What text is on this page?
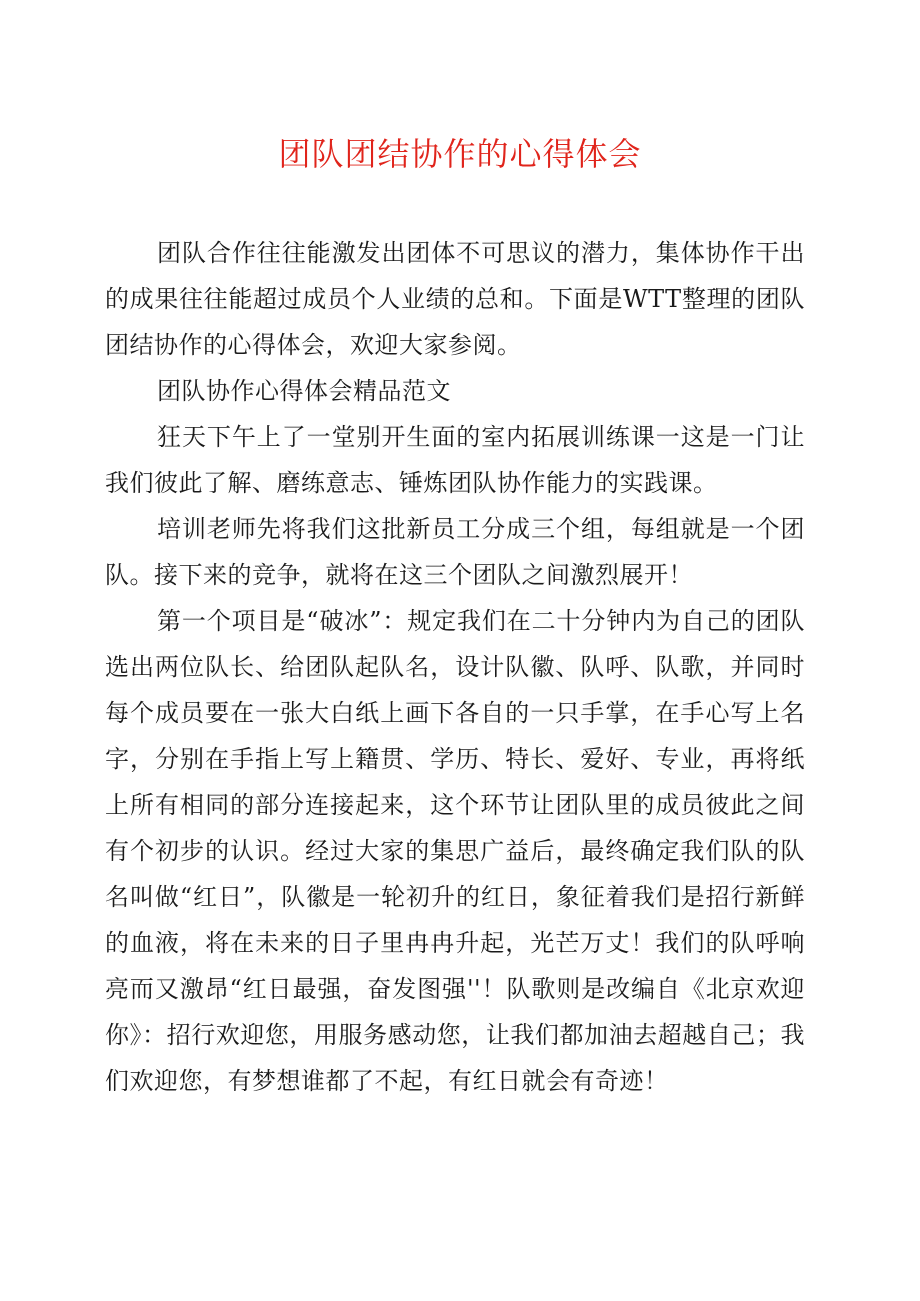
团队团结协作的心得体会

团队合作往往能激发出团体不可思议的潜力，集体协作干出的成果往往能超过成员个人业绩的总和。下面是WTT整理的团队团结协作的心得体会，欢迎大家参阅。

团队协作心得体会精品范文

狂天下午上了一堂别开生面的室内拓展训练课一这是一门让我们彼此了解、磨练意志、锤炼团队协作能力的实践课。

培训老师先将我们这批新员工分成三个组，每组就是一个团队。接下来的竞争，就将在这三个团队之间激烈展开！

第一个项目是“破冰”：规定我们在二十分钟内为自己的团队选出两位队长、给团队起队名，设计队徽、队呼、队歌，并同时每个成员要在一张大白纸上画下各自的一只手掌，在手心写上名字，分别在手指上写上籍贯、学历、特长、爱好、专业，再将纸上所有相同的部分连接起来，这个环节让团队里的成员彼此之间有个初步的认识。经过大家的集思广益后，最终确定我们队的队名叫做“红日”，队徽是一轮初升的红日，象征着我们是招行新鲜的血液，将在未来的日子里冉冉升起，光芒万丈！我们的队呼响亮而又激昂“红日最强，奋发图强''！队歌则是改编自《北京欢迎你》：招行欢迎您，用服务感动您，让我们都加油去超越自己；我们欢迎您，有梦想谁都了不起，有红日就会有奇迹！
